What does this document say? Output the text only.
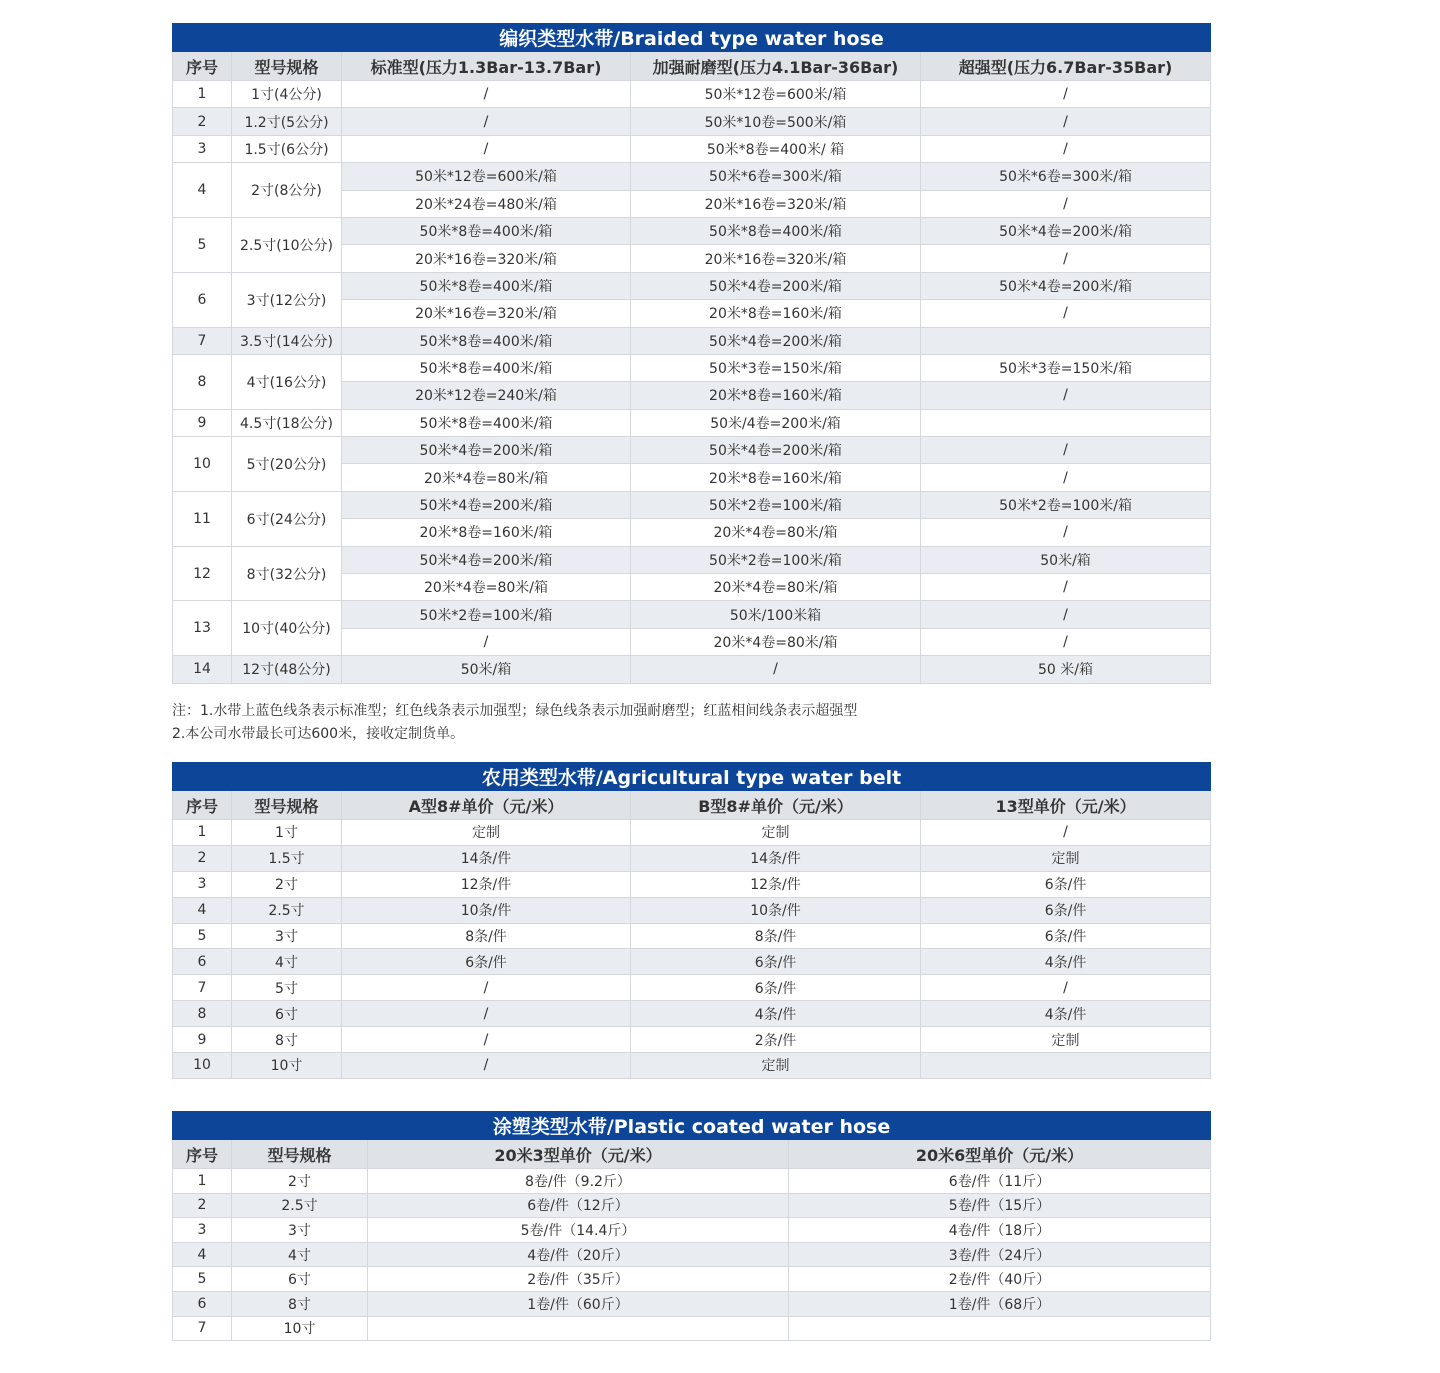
编织类型水带/Braided type water hose				
序号	型号规格	标准型(压力1.3Bar-13.7Bar)	加强耐磨型(压力4.1Bar-36Bar)	超强型(压力6.7Bar-35Bar)
1	1寸(4公分)	/	50米*12卷=600米/箱	/
2	1.2寸(5公分)	/	50米*10卷=500米/箱	/
3	1.5寸(6公分)	/	50米*8卷=400米/ 箱	/
4	2寸(8公分)	50米*12卷=600米/箱	50米*6卷=300米/箱	50米*6卷=300米/箱
		20米*24卷=480米/箱	20米*16卷=320米/箱	/
5	2.5寸(10公分)	50米*8卷=400米/箱	50米*8卷=400米/箱	50米*4卷=200米/箱
		20米*16卷=320米/箱	20米*16卷=320米/箱	/
6	3寸(12公分)	50米*8卷=400米/箱	50米*4卷=200米/箱	50米*4卷=200米/箱
		20米*16卷=320米/箱	20米*8卷=160米/箱	/
7	3.5寸(14公分)	50米*8卷=400米/箱	50米*4卷=200米/箱	
8	4寸(16公分)	50米*8卷=400米/箱	50米*3卷=150米/箱	50米*3卷=150米/箱
		20米*12卷=240米/箱	20米*8卷=160米/箱	/
9	4.5寸(18公分)	50米*8卷=400米/箱	50米/4卷=200米/箱	
10	5寸(20公分)	50米*4卷=200米/箱	50米*4卷=200米/箱	/
		20米*4卷=80米/箱	20米*8卷=160米/箱	/
11	6寸(24公分)	50米*4卷=200米/箱	50米*2卷=100米/箱	50米*2卷=100米/箱
		20米*8卷=160米/箱	20米*4卷=80米/箱	/
12	8寸(32公分)	50米*4卷=200米/箱	50米*2卷=100米/箱	50米/箱
		20米*4卷=80米/箱	20米*4卷=80米/箱	/
13	10寸(40公分)	50米*2卷=100米/箱	50米/100米箱	/
		/	20米*4卷=80米/箱	/
14	12寸(48公分)	50米/箱	/	50 米/箱
注：1.水带上蓝色线条表示标准型；红色线条表示加强型；绿色线条表示加强耐磨型；红蓝相间线条表示超强型
2.本公司水带最长可达600米，接收定制货单。
农用类型水带/Agricultural type water belt				
序号	型号规格	A型8#单价（元/米）	B型8#单价（元/米）	13型单价（元/米）
1	1寸	定制	定制	/
2	1.5寸	14条/件	14条/件	定制
3	2寸	12条/件	12条/件	6条/件
4	2.5寸	10条/件	10条/件	6条/件
5	3寸	8条/件	8条/件	6条/件
6	4寸	6条/件	6条/件	4条/件
7	5寸	/	6条/件	/
8	6寸	/	4条/件	4条/件
9	8寸	/	2条/件	定制
10	10寸	/	定制	
涂塑类型水带/Plastic coated water hose			
序号	型号规格	20米3型单价（元/米）	20米6型单价（元/米）
1	2寸	8卷/件（9.2斤）	6卷/件（11斤）
2	2.5寸	6卷/件（12斤）	5卷/件（15斤）
3	3寸	5卷/件（14.4斤）	4卷/件（18斤）
4	4寸	4卷/件（20斤）	3卷/件（24斤）
5	6寸	2卷/件（35斤）	2卷/件（40斤）
6	8寸	1卷/件（60斤）	1卷/件（68斤）
7	10寸		
